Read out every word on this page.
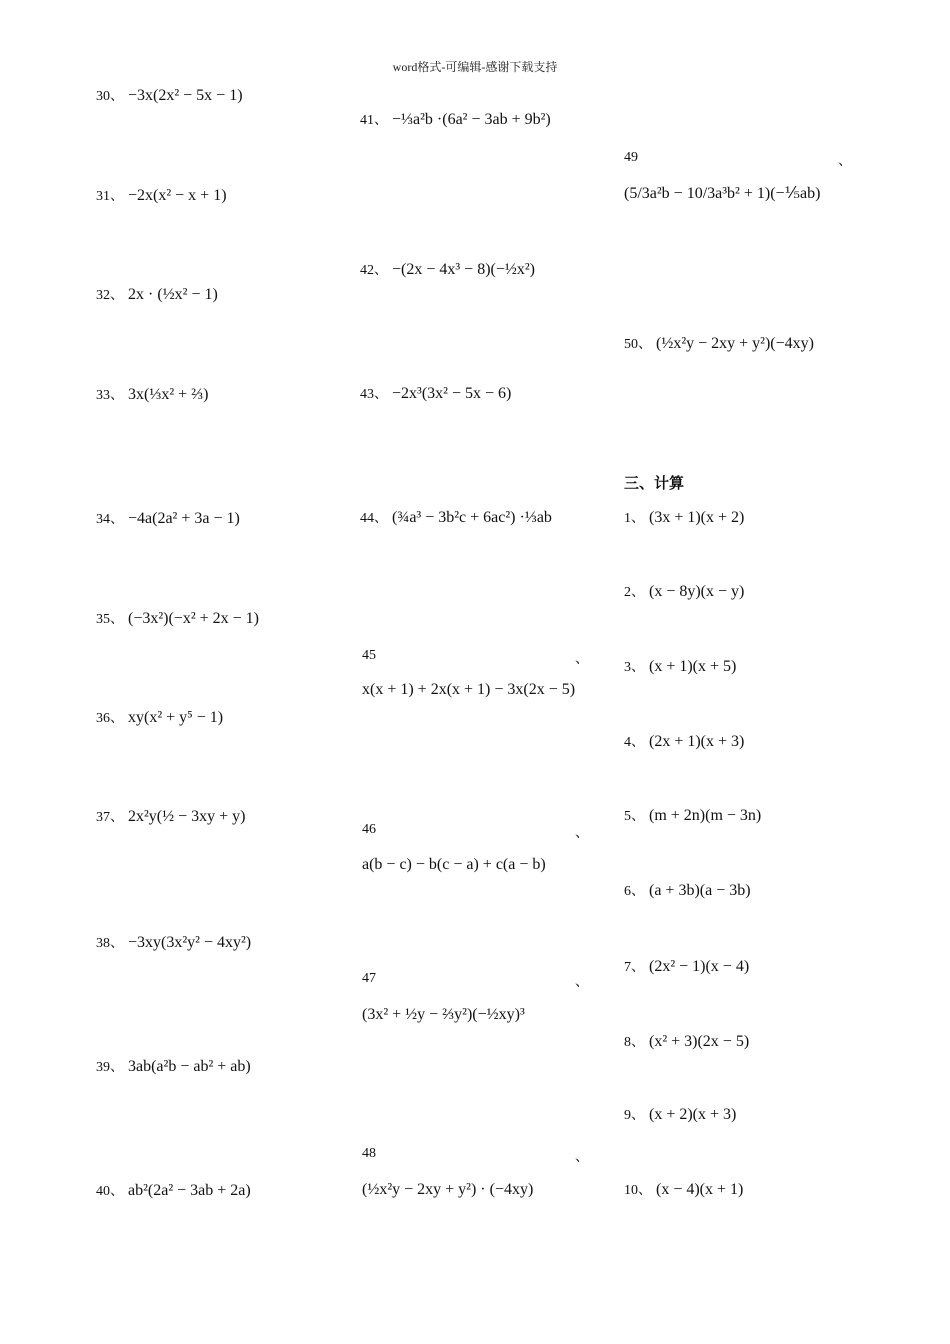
word格式-可编辑-感谢下载支持
30、 −3x(2x² − 5x − 1)
31、 −2x(x² − x + 1)
32、 2x · (½x² − 1)
33、 3x(⅓x² + ⅔)
34、 −4a(2a² + 3a − 1)
35、 (−3x²)(−x² + 2x − 1)
36、 xy(x² + y⁵ − 1)
37、 2x²y(½ − 3xy + y)
38、 −3xy(3x²y² − 4xy²)
39、 3ab(a²b − ab² + ab)
40、 ab²(2a² − 3ab + 2a)
41、 −⅓a²b ·(6a² − 3ab + 9b²)
42、 −(2x − 4x³ − 8)(−½x²)
43、 −2x³(3x² − 5x − 6)
44、 (¾a³ − 3b²c + 6ac²) ·⅓ab
45	、
x(x + 1) + 2x(x + 1) − 3x(2x − 5)
46	、
a(b − c) − b(c − a) + c(a − b)
47	、
(3x² + ½y − ⅔y²)(−½xy)³
48	、
(½x²y − 2xy + y²) · (−4xy)
49	、
(5/3a²b − 10/3a³b² + 1)(−⅕ab)
50、 (½x²y − 2xy + y²)(−4xy)
三、计算
1、 (3x + 1)(x + 2)
2、 (x − 8y)(x − y)
3、 (x + 1)(x + 5)
4、 (2x + 1)(x + 3)
5、 (m + 2n)(m − 3n)
6、 (a + 3b)(a − 3b)
7、 (2x² − 1)(x − 4)
8、 (x² + 3)(2x − 5)
9、 (x + 2)(x + 3)
10、 (x − 4)(x + 1)
